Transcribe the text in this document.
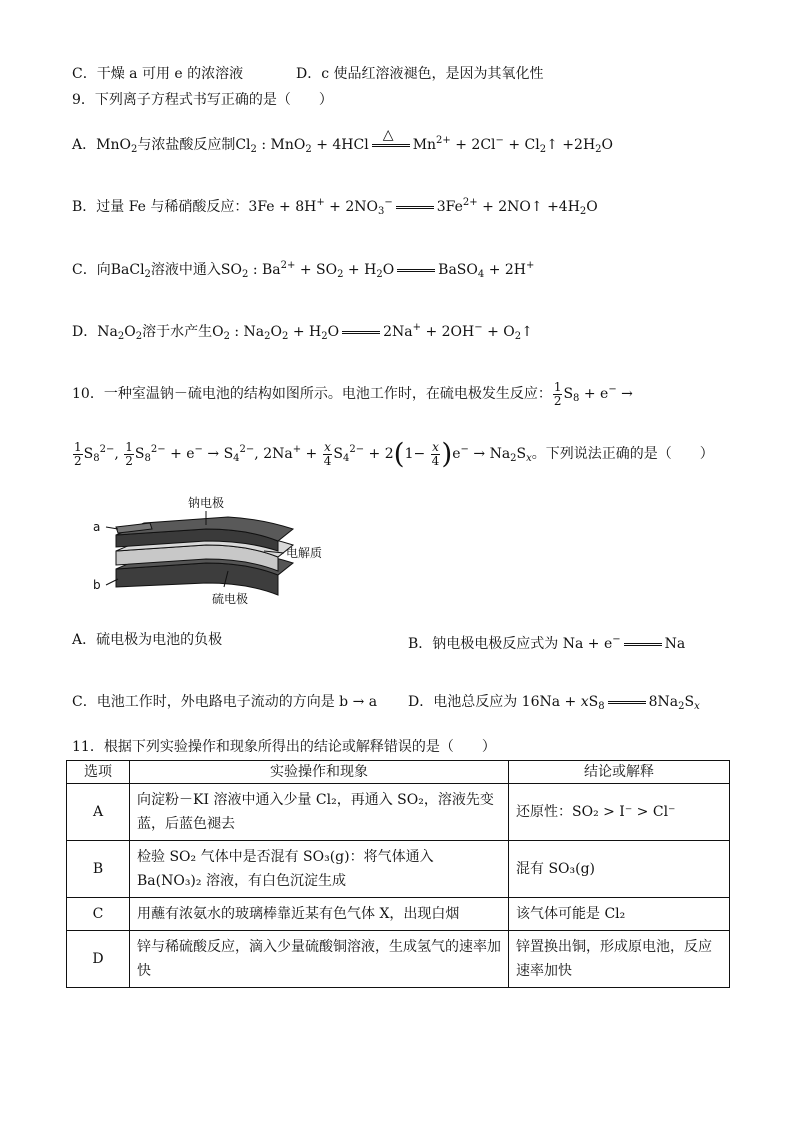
C．干燥 a 可用 e 的浓溶液	D．c 使品红溶液褪色，是因为其氧化性
9．下列离子方程式书写正确的是（　　）
A．MnO$_2$与浓盐酸反应制$Cl_2$ : MnO$_2$ + 4HCl
△
$Mn^{2+} + 2Cl^-$ + $Cl_2↑ +2H_2O$
B．过量 Fe 与稀硝酸反应：$3Fe + 8H^+ + 2NO_3^-$	$3Fe^{2+}$ + 2NO↑ $+4H_2O$
C．向BaCl$_2$溶液中通入$SO_2$ : $Ba^{2+} + SO_2 + H_2O$	BaSO$_4$ + 2H+
D．$Na_2O_2$溶于水产生$O_2$ : $Na_2O_2 + H_2O$	$2Na^+ + 2OH^- + O_2↑$
10．一种室温钠－硫电池的结构如图所示。电池工作时，在硫电极发生反应： $\frac{1}{2} S_8 + e^-$ →
$\frac{1}{2} S_8^{2-}$, $\frac{1}{2} S_8^{2-} + e^- \to S_4^{2-}$, $2Na^+ + \frac{x}{4} S_4^{2-} + 2(1- \frac{x}{4} )e^- \to Na_2S_x$。下列说法正确的是（　　）
a
b
钠电极
电解质
硫电极
A．硫电极为电池的负极	B．钠电极电极反应式为 Na + e−	Na
C．电池工作时，外电路电子流动的方向是 b → a D．电池总反应为 $16Na + xS_8$	$8Na_2S_x$
11．根据下列实验操作和现象所得出的结论或解释错误的是（　　）
选项	实验操作和现象	结论或解释
A	向淀粉－KI 溶液中通入少量 Cl₂，再通入 SO₂，溶液先变蓝，后蓝色褪去	还原性：SO₂ > I⁻ > Cl⁻
B	检验 SO₂ 气体中是否混有 SO₃(g)：将气体通入 Ba(NO₃)₂ 溶液，有白色沉淀生成	混有 SO₃(g)
C	用蘸有浓氨水的玻璃棒靠近某有色气体 X，出现白烟	该气体可能是 Cl₂
D	锌与稀硫酸反应，滴入少量硫酸铜溶液，生成氢气的速率加快	锌置换出铜，形成原电池，反应速率加快
